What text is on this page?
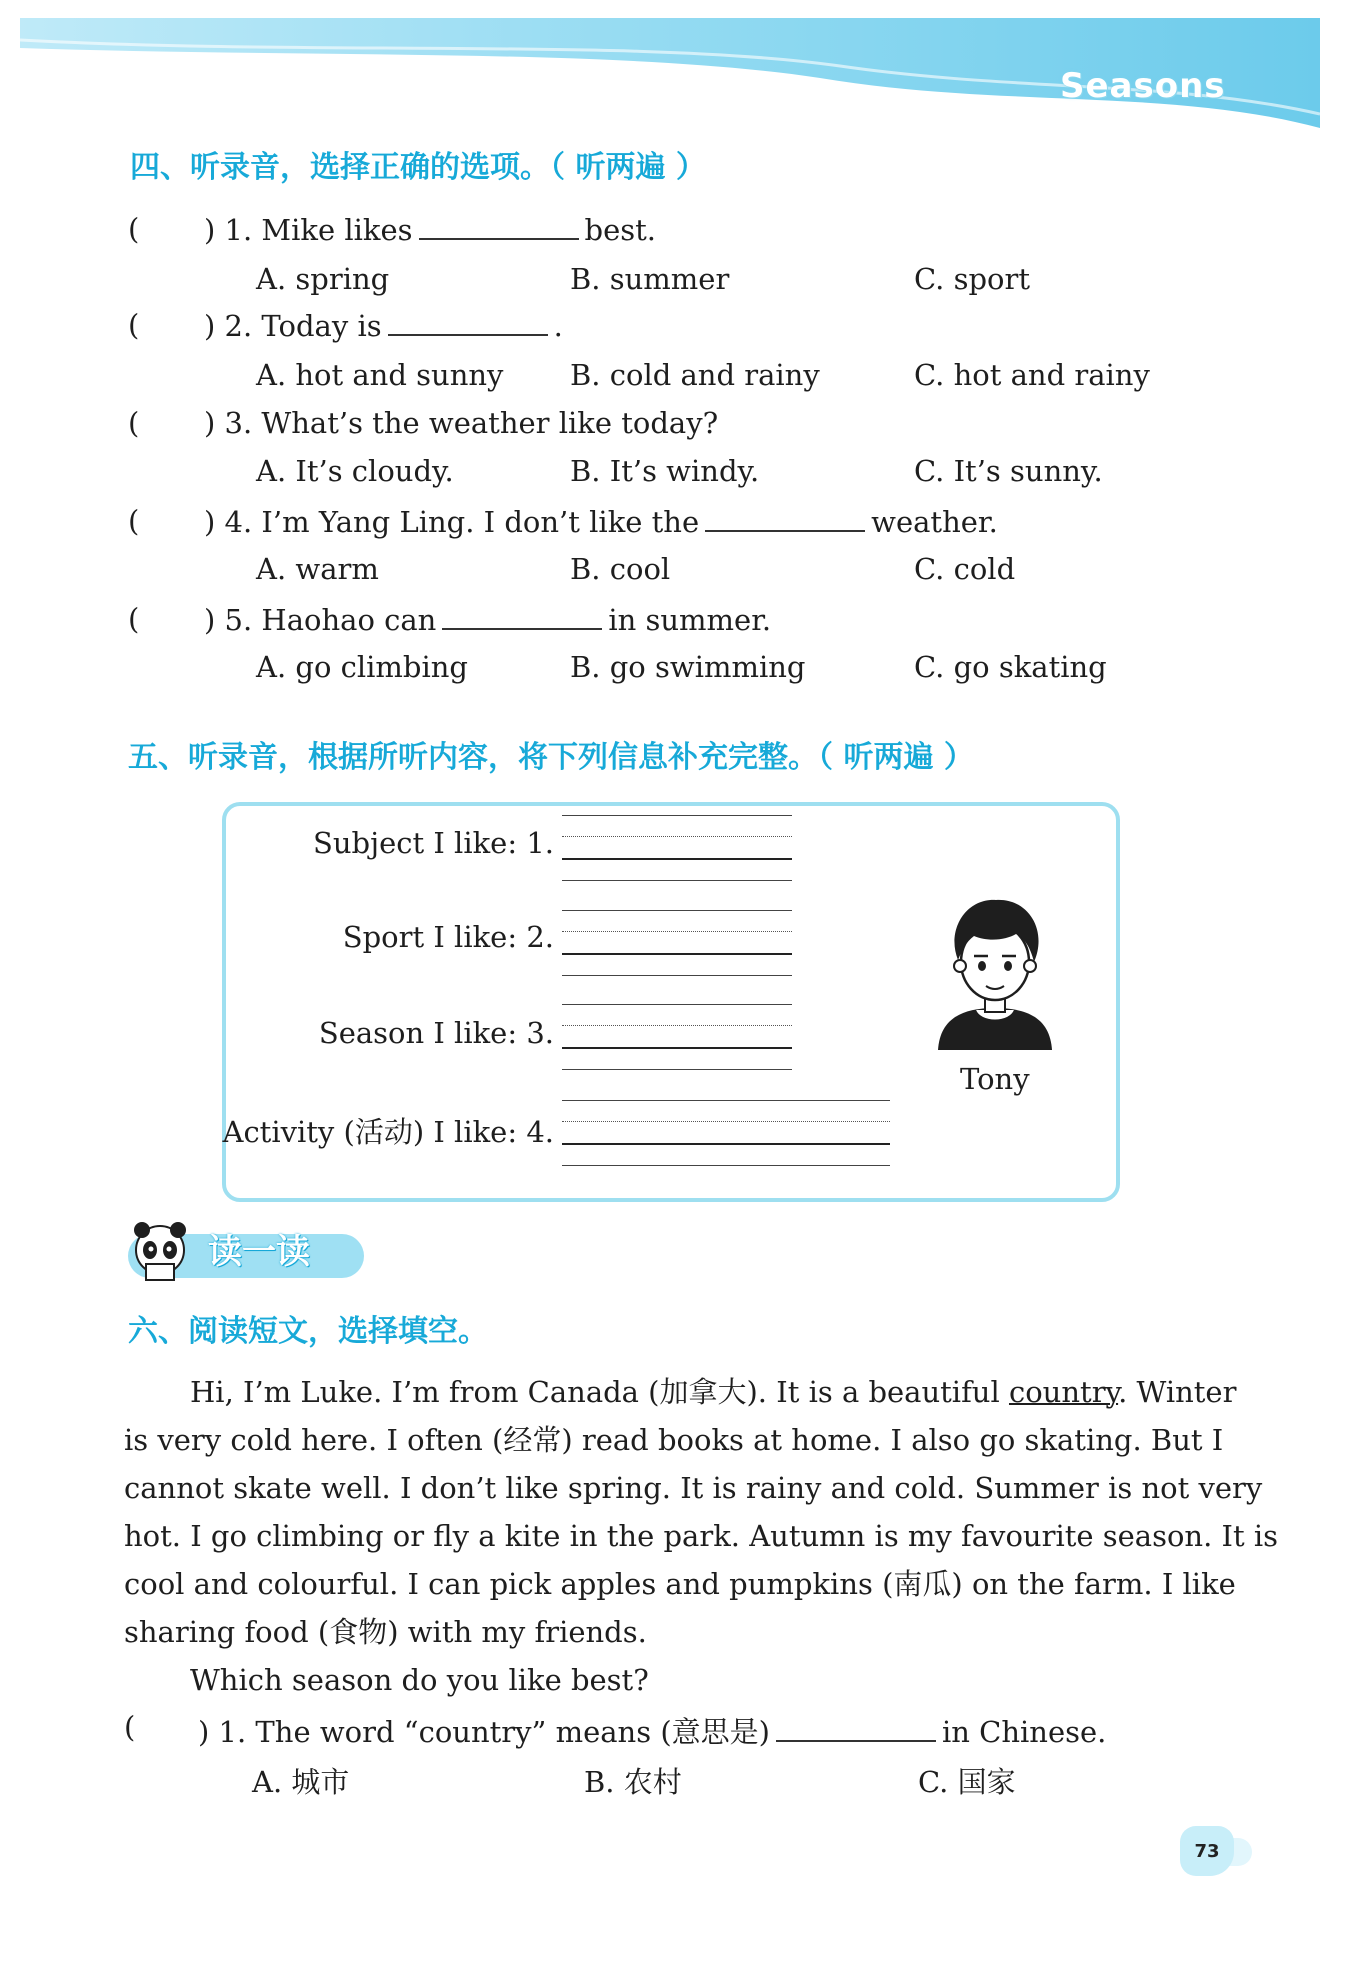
Seasons
四、听录音，选择正确的选项。（ 听两遍 ）
( ) 1. Mike likes	best.
A. spring	B. summer	C. sport
( ) 2. Today is	.
A. hot and sunny B. cold and rainy	C. hot and rainy
( ) 3. What’s the weather like today?
A. It’s cloudy.	B. It’s windy.	C. It’s sunny.
( ) 4. I’m Yang Ling. I don’t like the	weather.
A. warm	B. cool	C. cold
( ) 5. Haohao can	in summer.
A. go climbing	B. go swimming	C. go skating
五、听录音，根据所听内容，将下列信息补充完整。（ 听两遍 ）
Subject I like: 1.
Sport I like: 2.
Season I like: 3.
Activity (活动) I like: 4.
Tony
读一读
六、阅读短文，选择填空。
Hi, I’m Luke. I’m from Canada (加拿大). It is a beautiful country. Winter
is very cold here. I often (经常) read books at home. I also go skating. But I
cannot skate well. I don’t like spring. It is rainy and cold. Summer is not very
hot. I go climbing or fly a kite in the park. Autumn is my favourite season. It is
cool and colourful. I can pick apples and pumpkins (南瓜) on the farm. I like
sharing food (食物) with my friends.
Which season do you like best?
( ) 1. The word “country” means (意思是)	in Chinese.
A. 城市	B. 农村	C. 国家
73
